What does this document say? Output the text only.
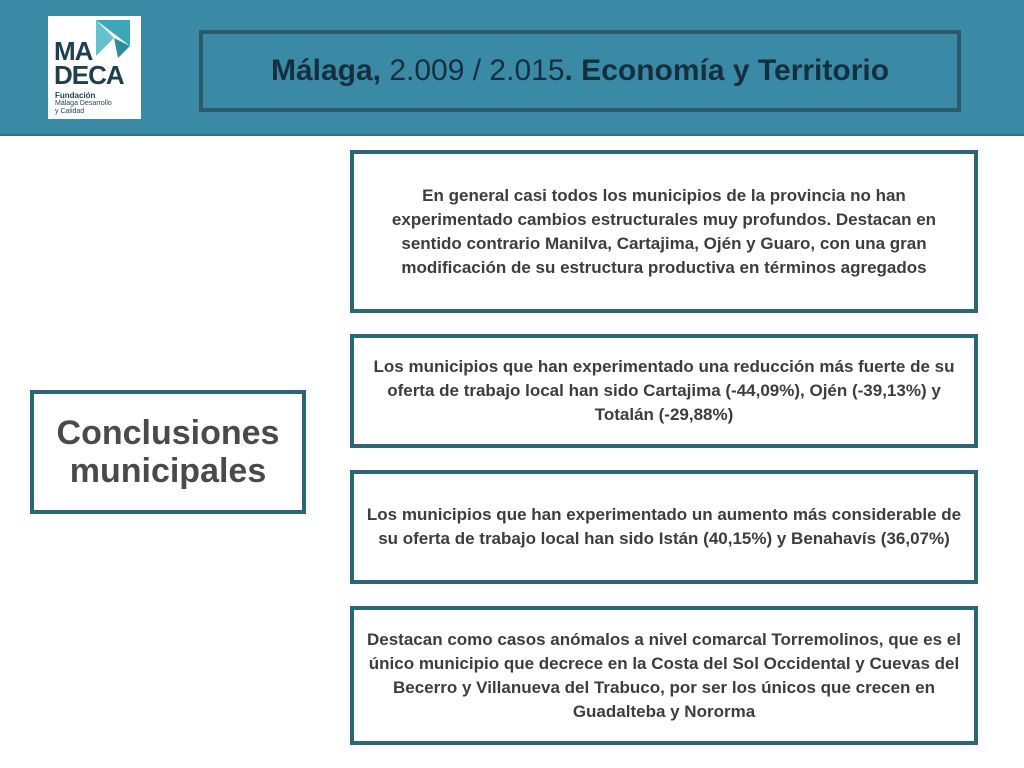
MA
DECA
Fundación
Málaga Desarrollo
y Calidad
Málaga, 2.009 / 2.015. Economía y Territorio
Conclusiones municipales
En general casi todos los municipios de la provincia no han experimentado cambios estructurales muy profundos. Destacan en sentido contrario Manilva, Cartajima, Ojén y Guaro, con una gran modificación de su estructura productiva en términos agregados
Los municipios que han experimentado una reducción más fuerte de su oferta de trabajo local han sido Cartajima (-44,09%), Ojén (-39,13%) y Totalán (-29,88%)
Los municipios que han experimentado un aumento más considerable de su oferta de trabajo local han sido Istán (40,15%) y Benahavís (36,07%)
Destacan como casos anómalos a nivel comarcal Torremolinos, que es el único municipio que decrece en la Costa del Sol Occidental y Cuevas del Becerro y Villanueva del Trabuco, por ser los únicos que crecen en Guadalteba y Nororma
